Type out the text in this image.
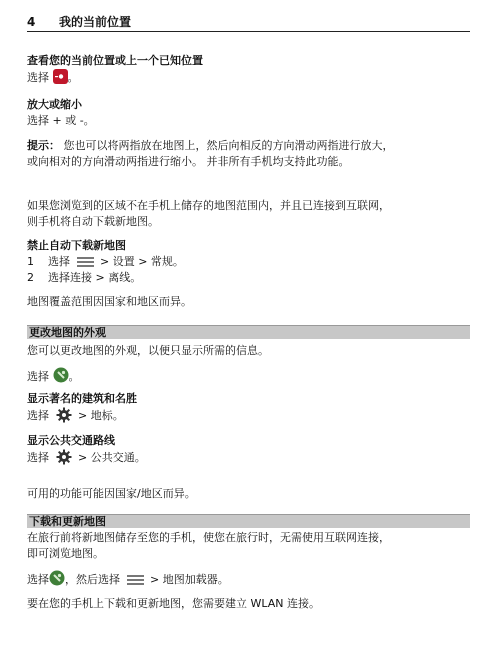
4 我的当前位置
查看您的当前位置或上一个已知位置
选择 。
放大或缩小
选择 + 或 -。
提示： 您也可以将两指放在地图上，然后向相反的方向滑动两指进行放大，
或向相对的方向滑动两指进行缩小。 并非所有手机均支持此功能。
如果您浏览到的区域不在手机上储存的地图范围内，并且已连接到互联网，
则手机将自动下载新地图。
禁止自动下载新地图
1 选择  > 设置 > 常规。
2 选择连接 > 离线。
地图覆盖范围因国家和地区而异。
更改地图的外观
您可以更改地图的外观，以便只显示所需的信息。
选择 。
显示著名的建筑和名胜
选择  > 地标。
显示公共交通路线
选择  > 公共交通。
可用的功能可能因国家/地区而异。
下载和更新地图
在旅行前将新地图储存至您的手机，使您在旅行时，无需使用互联网连接，
即可浏览地图。
选择 ，然后选择  > 地图加载器。
要在您的手机上下载和更新地图，您需要建立 WLAN 连接。
